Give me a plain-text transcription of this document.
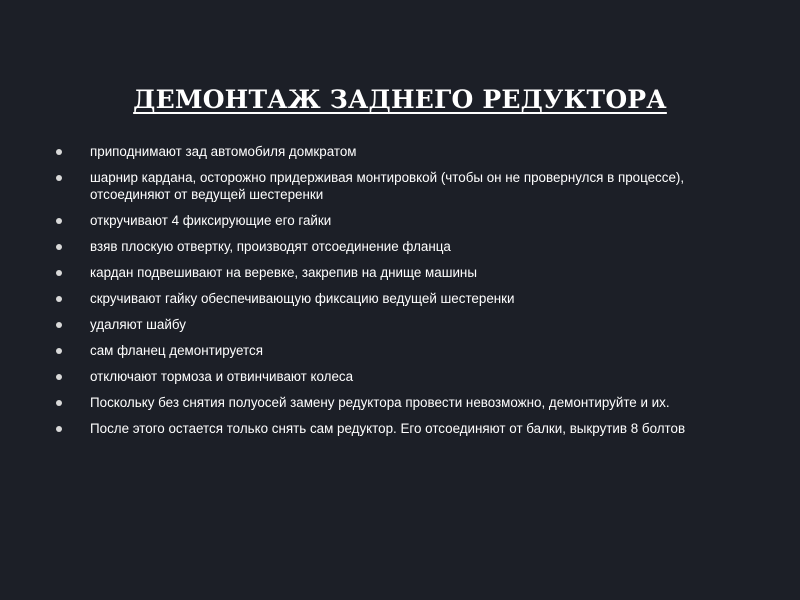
ДЕМОНТАЖ ЗАДНЕГО РЕДУКТОРА
приподнимают зад автомобиля домкратом
шарнир кардана, осторожно придерживая монтировкой (чтобы он не провернулся в процессе), отсоединяют от ведущей шестеренки
откручивают 4 фиксирующие его гайки
взяв плоскую отвертку, производят отсоединение фланца
кардан подвешивают на веревке, закрепив на днище машины
скручивают гайку обеспечивающую фиксацию ведущей шестеренки
удаляют шайбу
сам фланец демонтируется
отключают тормоза и отвинчивают колеса
Поскольку без снятия полуосей замену редуктора провести невозможно, демонтируйте и их.
После этого остается только снять сам редуктор. Его отсоединяют от балки, выкрутив 8 болтов
